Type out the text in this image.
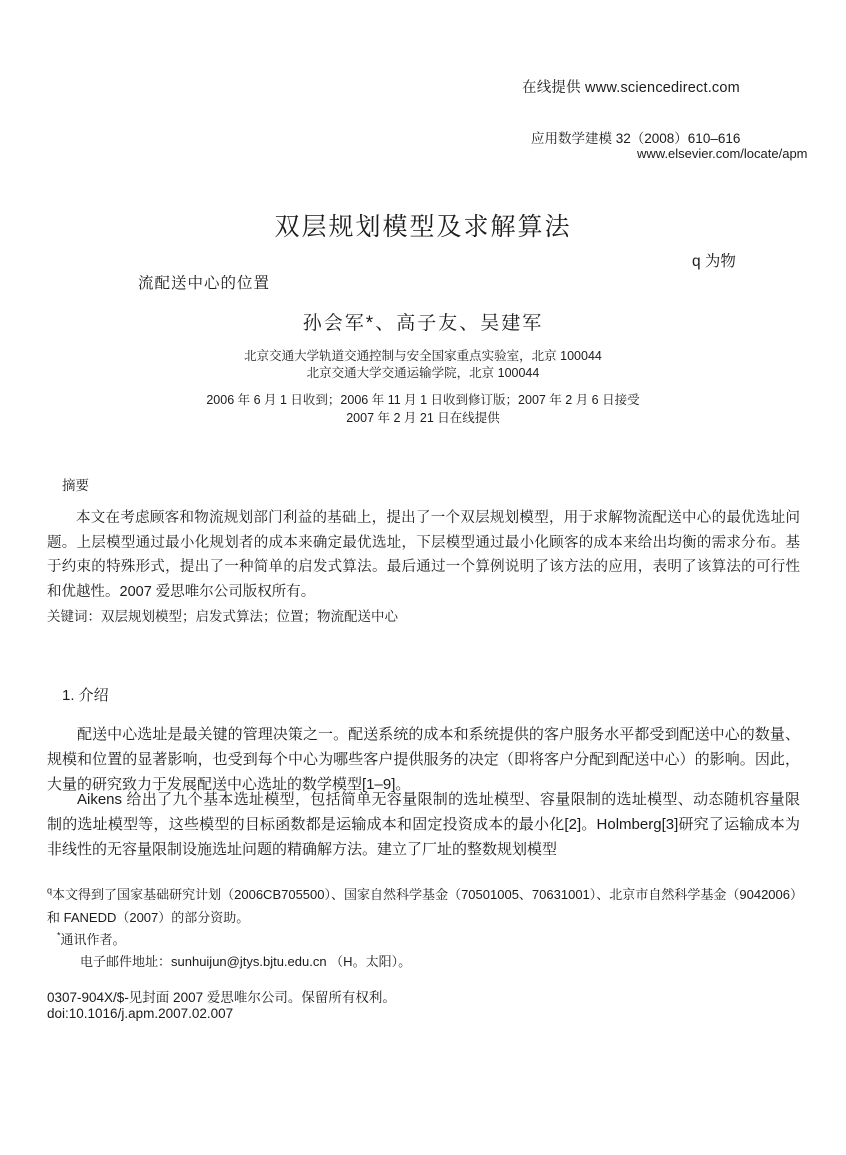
在线提供 www.sciencedirect.com
应用数学建模 32（2008）610–616
www.elsevier.com/locate/apm
双层规划模型及求解算法
q 为物
流配送中心的位置
孙会军*、高子友、吴建军
北京交通大学轨道交通控制与安全国家重点实验室，北京 100044
北京交通大学交通运输学院，北京 100044
2006 年 6 月 1 日收到；2006 年 11 月 1 日收到修订版；2007 年 2 月 6 日接受
2007 年 2 月 21 日在线提供
摘要

本文在考虑顾客和物流规划部门利益的基础上，提出了一个双层规划模型，用于求解物流配送中心的最优选址问题。上层模型通过最小化规划者的成本来确定最优选址，下层模型通过最小化顾客的成本来给出均衡的需求分布。基于约束的特殊形式，提出了一种简单的启发式算法。最后通过一个算例说明了该方法的应用，表明了该算法的可行性和优越性。2007 爱思唯尔公司版权所有。

关键词：双层规划模型；启发式算法；位置；物流配送中心
1. 介绍

配送中心选址是最关键的管理决策之一。配送系统的成本和系统提供的客户服务水平都受到配送中心的数量、规模和位置的显著影响，也受到每个中心为哪些客户提供服务的决定（即将客户分配到配送中心）的影响。因此，大量的研究致力于发展配送中心选址的数学模型[1–9]。

Aikens 给出了九个基本选址模型，包括简单无容量限制的选址模型、容量限制的选址模型、动态随机容量限制的选址模型等，这些模型的目标函数都是运输成本和固定投资成本的最小化[2]。Holmberg[3]研究了运输成本为非线性的无容量限制设施选址问题的精确解方法。建立了厂址的整数规划模型

$^q$本文得到了国家基础研究计划（2006CB705500）、国家自然科学基金（70501005、70631001）、北京市自然科学基金（9042006）和 FANEDD（2007）的部分资助。
*通讯作者。
电子邮件地址：sunhuijun@jtys.bjtu.edu.cn （H。太阳）。
0307-904X/$-见封面 2007 爱思唯尔公司。保留所有权利。
doi:10.1016/j.apm.2007.02.007
